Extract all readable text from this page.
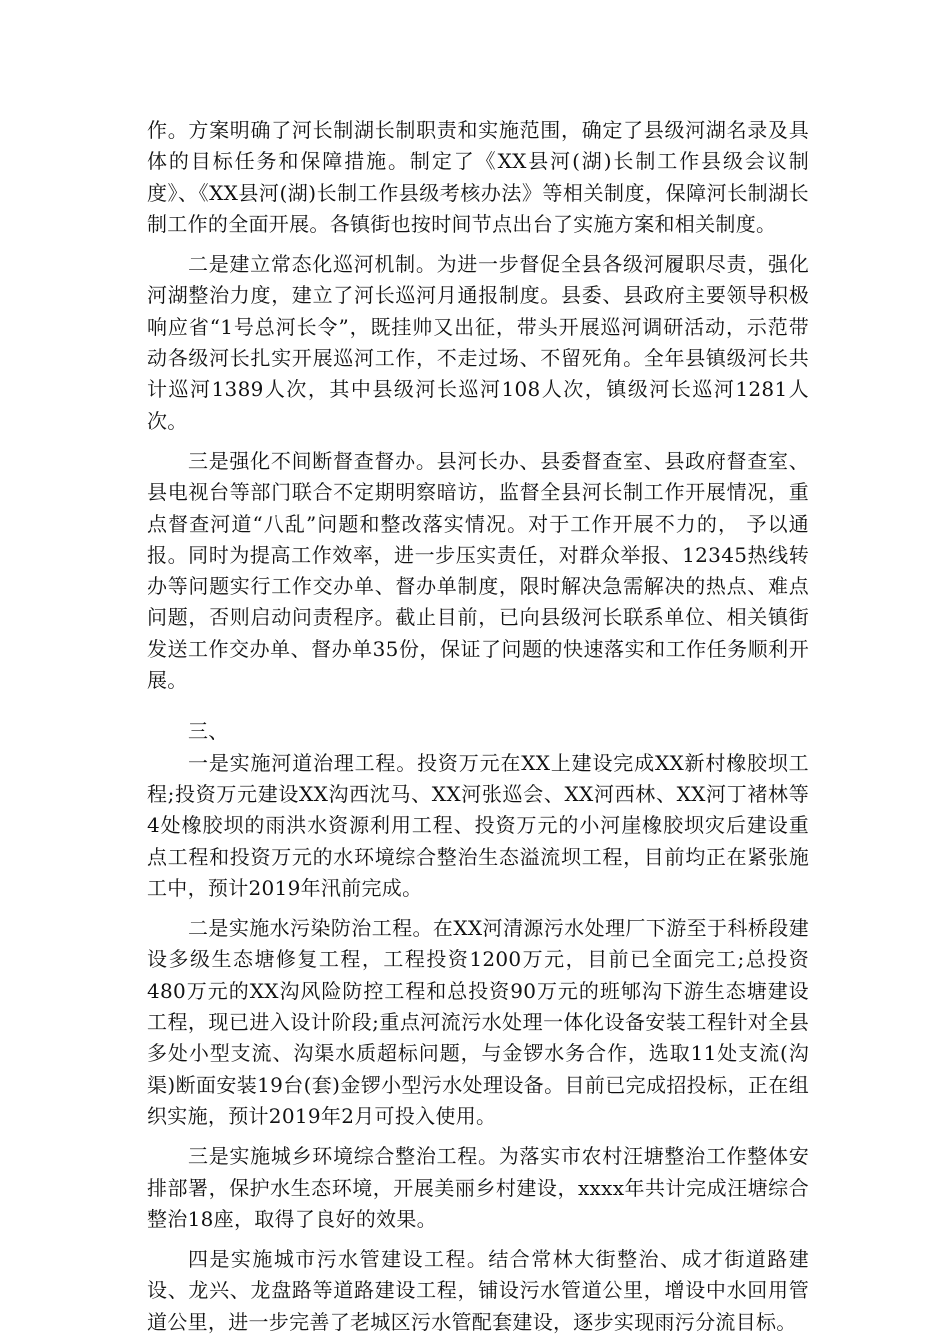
作。方案明确了河长制湖长制职责和实施范围，确定了县级河湖名录及具体的目标任务和保障措施。制定了《XX县河(湖)长制工作县级会议制度》、《XX县河(湖)长制工作县级考核办法》等相关制度，保障河长制湖长制工作的全面开展。各镇街也按时间节点出台了实施方案和相关制度。

二是建立常态化巡河机制。为进一步督促全县各级河履职尽责，强化河湖整治力度，建立了河长巡河月通报制度。县委、县政府主要领导积极响应省“1号总河长令”，既挂帅又出征，带头开展巡河调研活动，示范带动各级河长扎实开展巡河工作，不走过场、不留死角。全年县镇级河长共计巡河1389人次，其中县级河长巡河108人次，镇级河长巡河1281人次。

三是强化不间断督查督办。县河长办、县委督查室、县政府督查室、县电视台等部门联合不定期明察暗访，监督全县河长制工作开展情况，重点督查河道“八乱”问题和整改落实情况。对于工作开展不力的， 予以通报。同时为提高工作效率，进一步压实责任，对群众举报、12345热线转办等问题实行工作交办单、督办单制度，限时解决急需解决的热点、难点问题，否则启动问责程序。截止目前，已向县级河长联系单位、相关镇街发送工作交办单、督办单35份，保证了问题的快速落实和工作任务顺利开展。

三、

一是实施河道治理工程。投资万元在XX上建设完成XX新村橡胶坝工程;投资万元建设XX沟西沈马、XX河张巡会、XX河西林、XX河丁褚林等4处橡胶坝的雨洪水资源利用工程、投资万元的小河崖橡胶坝灾后建设重点工程和投资万元的水环境综合整治生态溢流坝工程，目前均正在紧张施工中，预计2019年汛前完成。

二是实施水污染防治工程。在XX河清源污水处理厂下游至于科桥段建设多级生态塘修复工程，工程投资1200万元，目前已全面完工;总投资480万元的XX沟风险防控工程和总投资90万元的班郇沟下游生态塘建设工程，现已进入设计阶段;重点河流污水处理一体化设备安装工程针对全县多处小型支流、沟渠水质超标问题，与金锣水务合作，选取11处支流(沟渠)断面安装19台(套)金锣小型污水处理设备。目前已完成招投标，正在组织实施，预计2019年2月可投入使用。

三是实施城乡环境综合整治工程。为落实市农村汪塘整治工作整体安排部署，保护水生态环境，开展美丽乡村建设，xxxx年共计完成汪塘综合整治18座，取得了良好的效果。

四是实施城市污水管建设工程。结合常林大街整治、成才街道路建设、龙兴、龙盘路等道路建设工程，铺设污水管道公里，增设中水回用管道公里，进一步完善了老城区污水管配套建设，逐步实现雨污分流目标。
